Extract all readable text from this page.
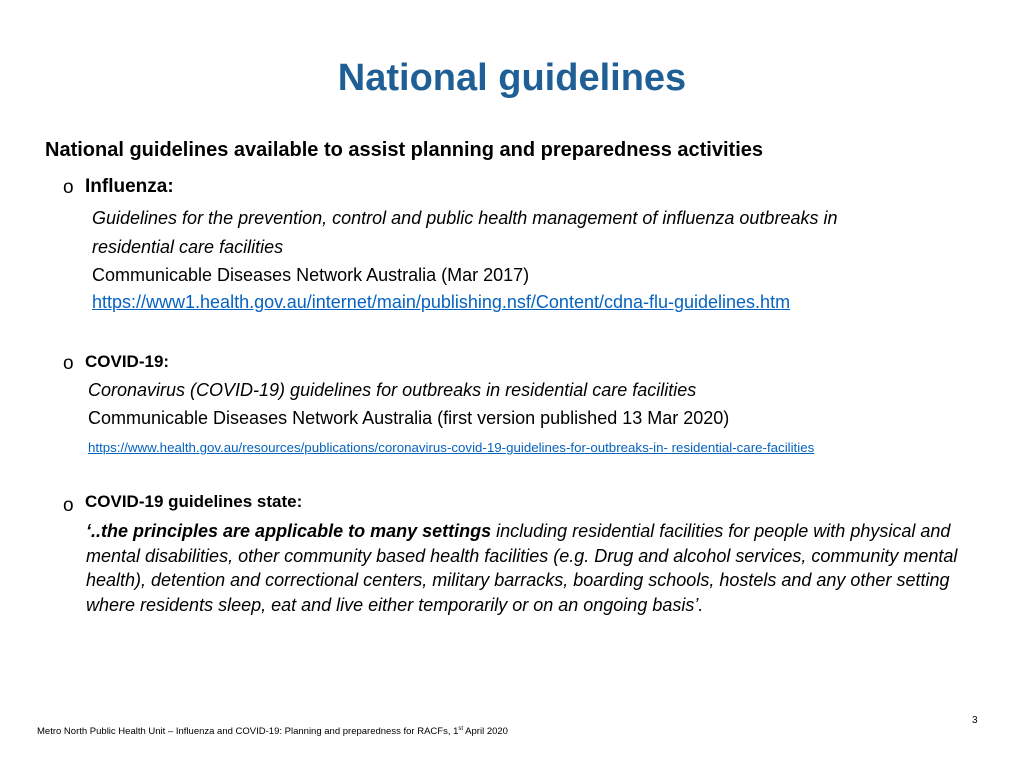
National guidelines

National guidelines available to assist planning and preparedness activities

o Influenza:
Guidelines for the prevention, control and public health management of influenza outbreaks in
residential care facilities
Communicable Diseases Network Australia (Mar 2017)
https://www1.health.gov.au/internet/main/publishing.nsf/Content/cdna-flu-guidelines.htm
o COVID-19:
Coronavirus (COVID-19) guidelines for outbreaks in residential care facilities
Communicable Diseases Network Australia (first version published 13 Mar 2020)
https://www.health.gov.au/resources/publications/coronavirus-covid-19-guidelines-for-outbreaks-in- residential-care-facilities
o COVID-19 guidelines state:

‘..the principles are applicable to many settings including residential facilities for people with physical and mental disabilities, other community based health facilities (e.g. Drug and alcohol services, community mental health), detention and correctional centers, military barracks, boarding schools, hostels and any other setting where residents sleep, eat and live either temporarily or on an ongoing basis’.

3
Metro North Public Health Unit – Influenza and COVID-19: Planning and preparedness for RACFs, 1st April 2020
